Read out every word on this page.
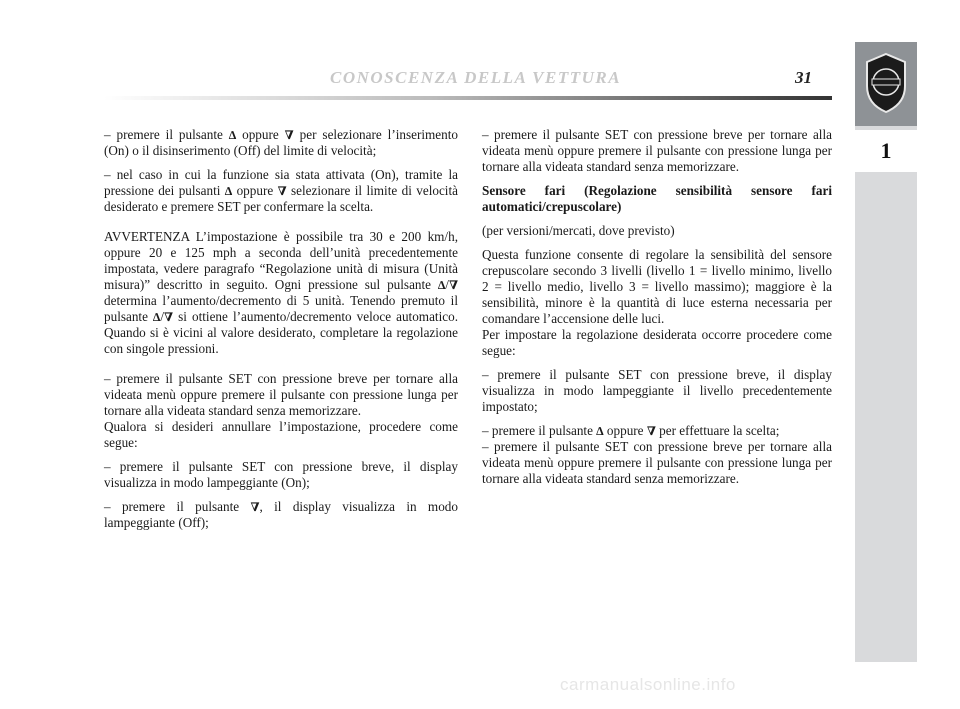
CONOSCENZA DELLA VETTURA	31
1

– premere il pulsante ∆ oppure ∇ per selezionare l’inserimento (On) o il disinserimento (Off) del limite di velocità;

– nel caso in cui la funzione sia stata attivata (On), tramite la pressione dei pulsanti ∆ oppure ∇ selezionare il limite di velocità desiderato e premere SET per confermare la scelta.

AVVERTENZA L’impostazione è possibile tra 30 e 200 km/h, oppure 20 e 125 mph a seconda dell’unità precedentemente impostata, vedere paragrafo “Regolazione unità di misura (Unità misura)” descritto in seguito. Ogni pressione sul pulsante ∆/∇ determina l’aumento/decremento di 5 unità. Tenendo premuto il pulsante ∆/∇ si ottiene l’aumento/decremento veloce automatico. Quando si è vicini al valore desiderato, completare la regolazione con singole pressioni.

– premere il pulsante SET con pressione breve per tornare alla videata menù oppure premere il pulsante con pressione lunga per tornare alla videata standard senza memorizzare.

Qualora si desideri annullare l’impostazione, procedere come segue:

– premere il pulsante SET con pressione breve, il display visualizza in modo lampeggiante (On);

– premere il pulsante ∇, il display visualizza in modo lampeggiante (Off);

– premere il pulsante SET con pressione breve per tornare alla videata menù oppure premere il pulsante con pressione lunga per tornare alla videata standard senza memorizzare.

Sensore fari (Regolazione sensibilità sensore fari automatici/crepuscolare)

(per versioni/mercati, dove previsto)

Questa funzione consente di regolare la sensibilità del sensore crepuscolare secondo 3 livelli (livello 1 = livello minimo, livello 2 = livello medio, livello 3 = livello massimo); maggiore è la sensibilità, minore è la quantità di luce esterna necessaria per comandare l’accensione delle luci.

Per impostare la regolazione desiderata occorre procedere come segue:

– premere il pulsante SET con pressione breve, il display visualizza in modo lampeggiante il livello precedentemente impostato;

– premere il pulsante ∆ oppure ∇ per effettuare la scelta;

– premere il pulsante SET con pressione breve per tornare alla videata menù oppure premere il pulsante con pressione lunga per tornare alla videata standard senza memorizzare.

carmanualsonline.info
